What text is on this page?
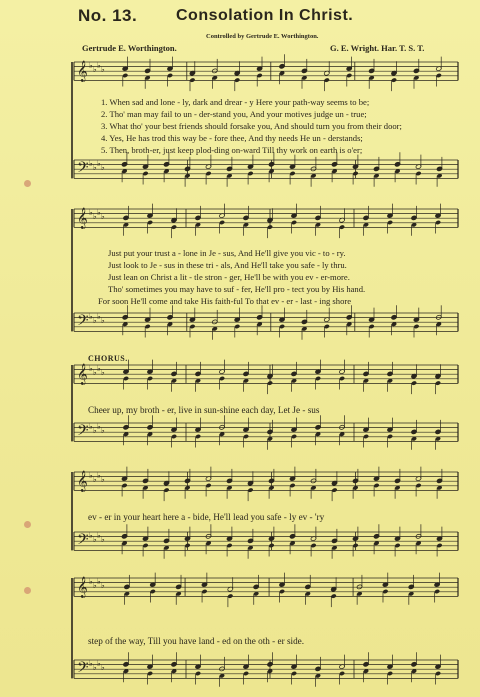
No. 13. Consolation In Christ.
Controlled by Gertrude E. Worthington.
Gertrude E. Worthington.	G. E. Wright. Har. T. S. T.
𝄞 ♭ ♭ ♭ ♭
𝄢 ♭ ♭ ♭ ♭
𝄞 ♭ ♭ ♭ ♭
𝄢 ♭ ♭ ♭ ♭
𝄞 ♭ ♭ ♭ ♭
𝄢 ♭ ♭ ♭ ♭
𝄞 ♭ ♭ ♭ ♭
𝄢 ♭ ♭ ♭ ♭
𝄞 ♭ ♭ ♭ ♭
𝄢 ♭ ♭ ♭ ♭
1. When sad and lone - ly, dark and drear - y Here your path-way seems to be;
2. Tho' man may fail to un - der-stand you, And your motives judge un - true;
3. What tho' your best friends should forsake you, And should turn you from their door;
4. Yes, He has trod this way be - fore thee, And thy needs He un - derstands;
5. Then, broth-er, just keep plod-ding on-ward Till thy work on earth is o'er;
Just put your trust a - lone in Je - sus, And He'll give you vic - to - ry.
Just look to Je - sus in these tri - als, And He'll take you safe - ly thru.
Just lean on Christ a lit - tle stron - ger, He'll be with you ev - er-more.
Tho' sometimes you may have to suf - fer, He'll pro - tect you by His hand.
For soon He'll come and take His faith-ful To that ev - er - last - ing shore
CHORUS.
Cheer up, my broth - er, live in sun-shine each day, Let Je - sus
ev - er in your heart here a - bide, He'll lead you safe - ly ev - 'ry
step of the way, Till you have land - ed on the oth - er side.
